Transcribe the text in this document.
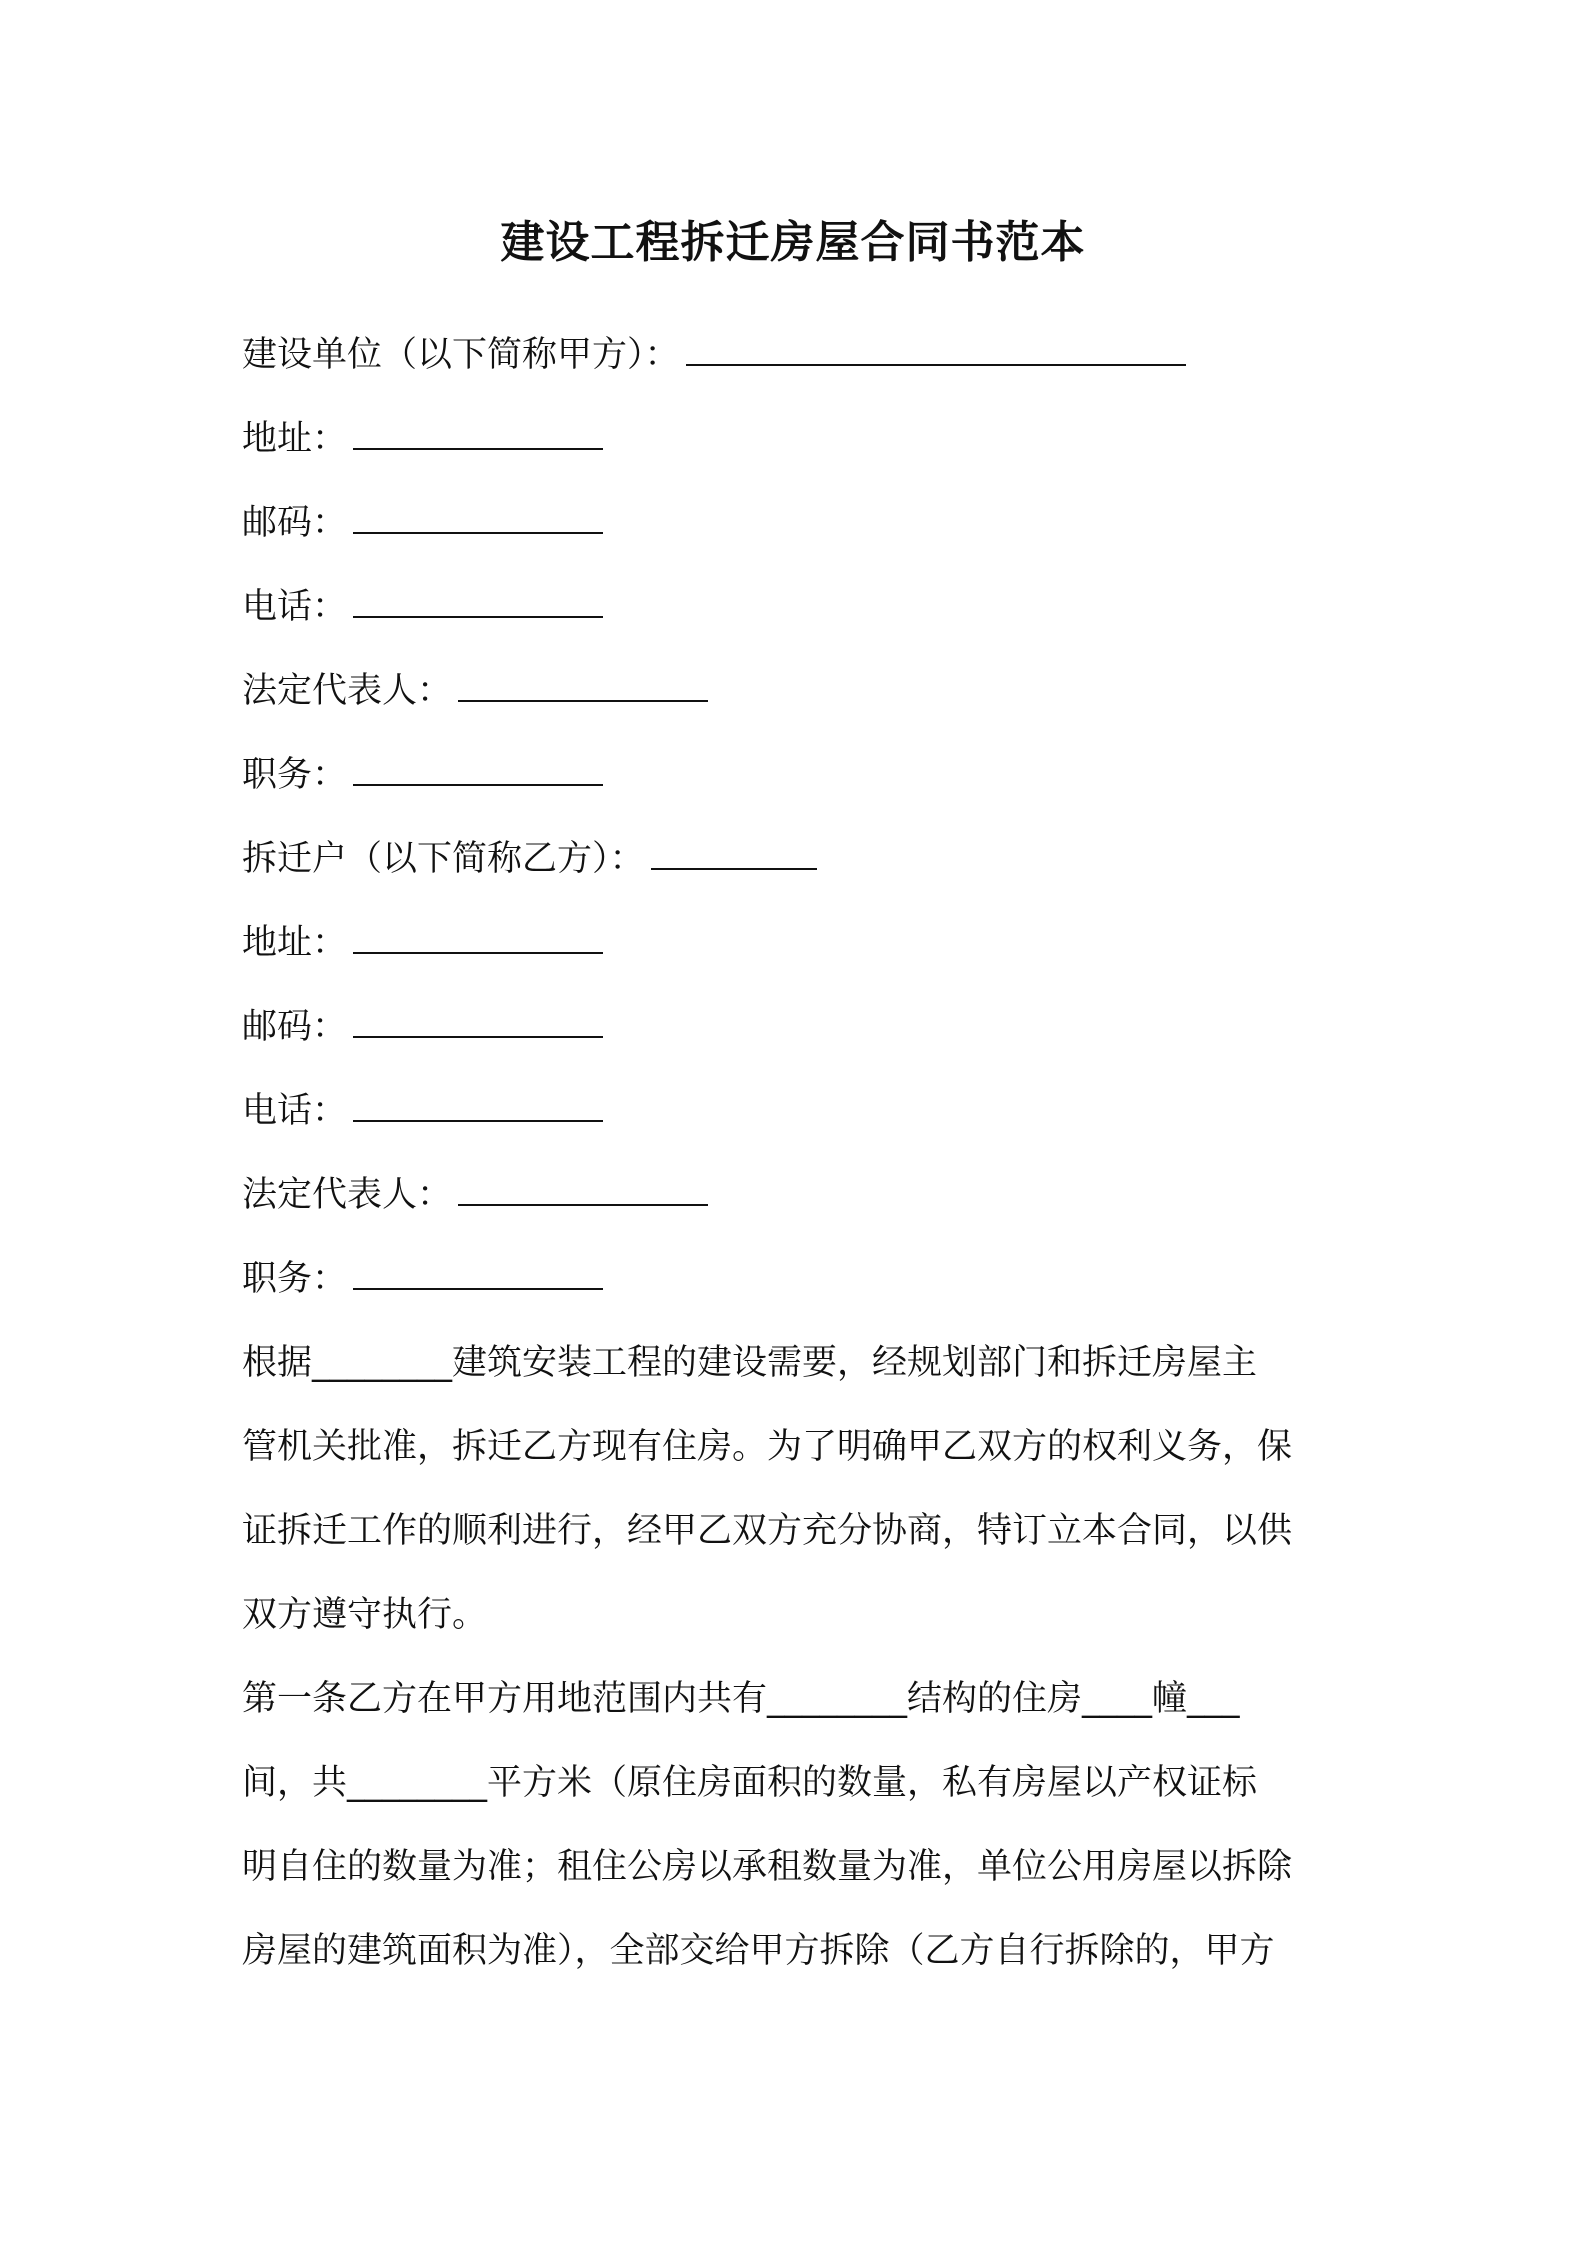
建设工程拆迁房屋合同书范本
建设单位（以下简称甲方）：
地址：
邮码：
电话：
法定代表人：
职务：
拆迁户（以下简称乙方）：
地址：
邮码：
电话：
法定代表人：
职务：
根据________建筑安装工程的建设需要，经规划部门和拆迁房屋主
管机关批准，拆迁乙方现有住房。为了明确甲乙双方的权利义务，保
证拆迁工作的顺利进行，经甲乙双方充分协商，特订立本合同，以供
双方遵守执行。
第一条乙方在甲方用地范围内共有________结构的住房____幢___
间，共________平方米（原住房面积的数量，私有房屋以产权证标
明自住的数量为准；租住公房以承租数量为准，单位公用房屋以拆除
房屋的建筑面积为准），全部交给甲方拆除（乙方自行拆除的，甲方
